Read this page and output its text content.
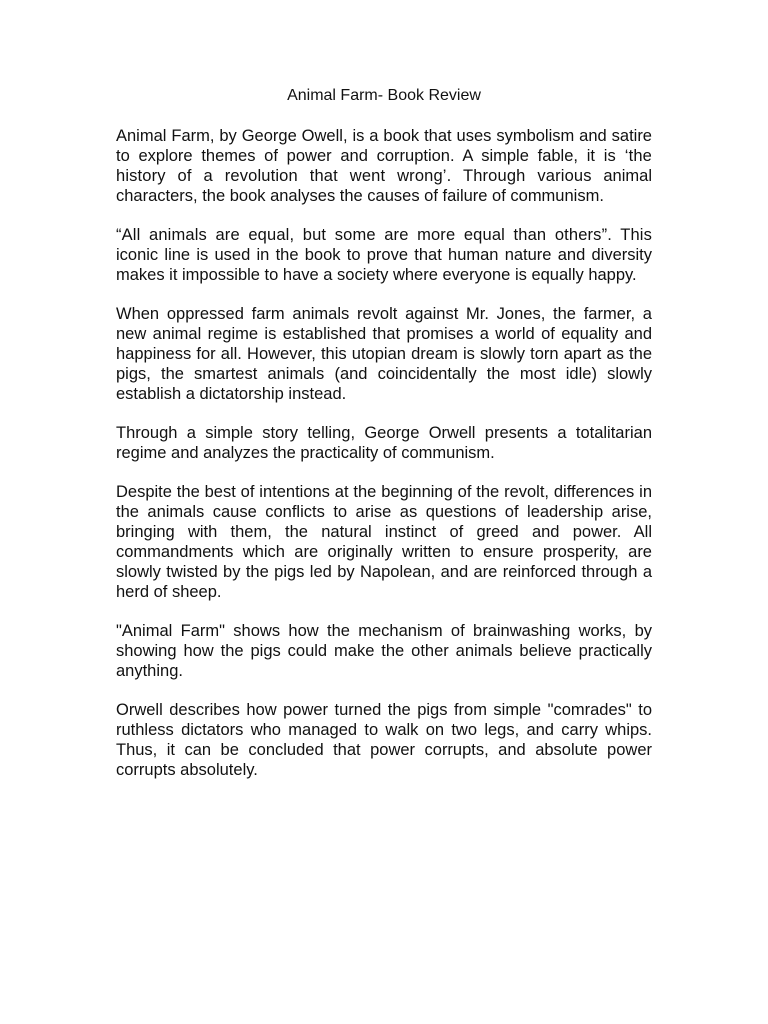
Animal Farm- Book Review

Animal Farm, by George Owell, is a book that uses symbolism and satire to explore themes of power and corruption. A simple fable, it is ‘the history of a revolution that went wrong’. Through various animal characters, the book analyses the causes of failure of communism.

“All animals are equal, but some are more equal than others”. This iconic line is used in the book to prove that human nature and diversity makes it impossible to have a society where everyone is equally happy.

When oppressed farm animals revolt against Mr. Jones, the farmer, a new animal regime is established that promises a world of equality and happiness for all. However, this utopian dream is slowly torn apart as the pigs, the smartest animals (and coincidentally the most idle) slowly establish a dictatorship instead.

Through a simple story telling, George Orwell presents a totalitarian regime and analyzes the practicality of communism.

Despite the best of intentions at the beginning of the revolt, differences in the animals cause conflicts to arise as questions of leadership arise, bringing with them, the natural instinct of greed and power. All commandments which are originally written to ensure prosperity, are slowly twisted by the pigs led by Napolean, and are reinforced through a herd of sheep.

"Animal Farm" shows how the mechanism of brainwashing works, by showing how the pigs could make the other animals believe practically anything.

Orwell describes how power turned the pigs from simple "comrades" to ruthless dictators who managed to walk on two legs, and carry whips. Thus, it can be concluded that power corrupts, and absolute power corrupts absolutely.
